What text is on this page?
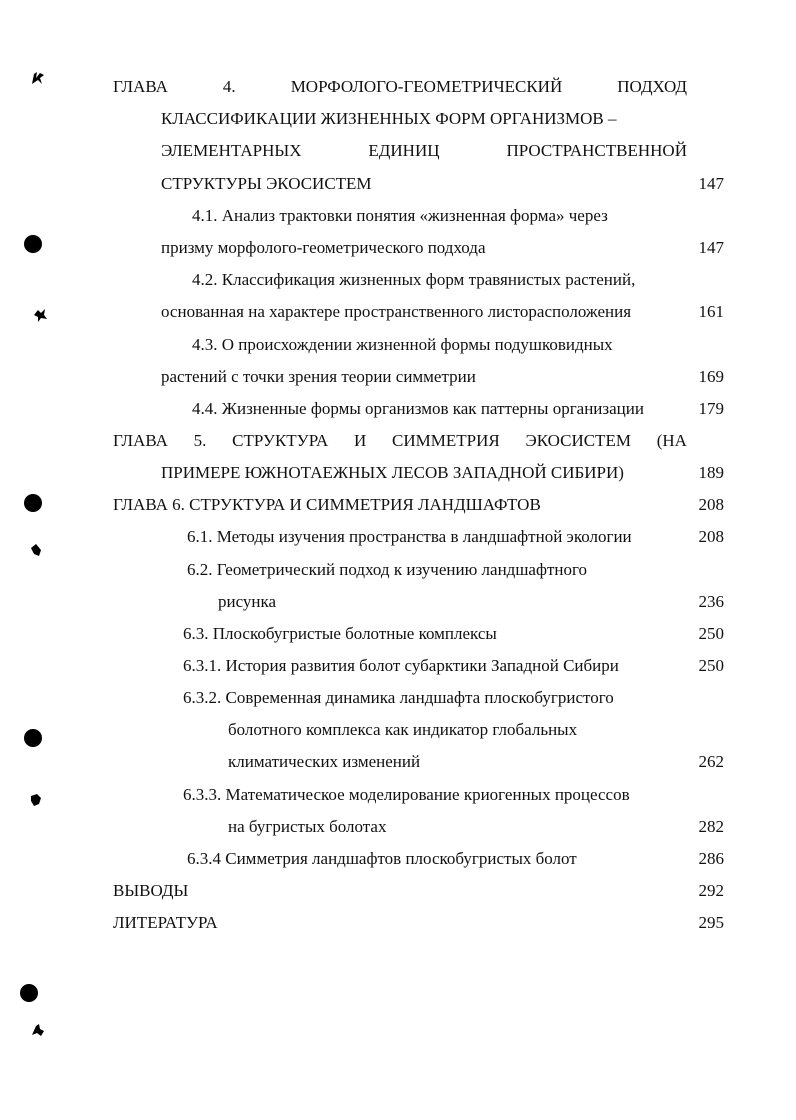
ГЛАВА	4.	МОРФОЛОГО-ГЕОМЕТРИЧЕСКИЙ	ПОДХОД
КЛАССИФИКАЦИИ ЖИЗНЕННЫХ ФОРМ ОРГАНИЗМОВ –
ЭЛЕМЕНТАРНЫХ	ЕДИНИЦ	ПРОСТРАНСТВЕННОЙ
СТРУКТУРЫ ЭКОСИСТЕМ	147
4.1. Анализ трактовки понятия «жизненная форма» через
призму морфолого-геометрического подхода	147
4.2. Классификация жизненных форм травянистых растений,
основанная на характере пространственного листорасположения	161
4.3. О происхождении жизненной формы подушковидных
растений с точки зрения теории симметрии	169
4.4. Жизненные формы организмов как паттерны организации	179
ГЛАВА 5. СТРУКТУРА И СИММЕТРИЯ ЭКОСИСТЕМ (НА
ПРИМЕРЕ ЮЖНОТАЕЖНЫХ ЛЕСОВ ЗАПАДНОЙ СИБИРИ)	189
ГЛАВА 6. СТРУКТУРА И СИММЕТРИЯ ЛАНДШАФТОВ	208
6.1. Методы изучения пространства в ландшафтной экологии	208
6.2. Геометрический подход к изучению ландшафтного
рисунка	236
6.3. Плоскобугристые болотные комплексы	250
6.3.1. История развития болот субарктики Западной Сибири	250
6.3.2. Современная динамика ландшафта плоскобугристого
болотного комплекса как индикатор глобальных
климатических изменений	262
6.3.3. Математическое моделирование криогенных процессов
на бугристых болотах	282
6.3.4 Симметрия ландшафтов плоскобугристых болот	286
ВЫВОДЫ	292
ЛИТЕРАТУРА	295
